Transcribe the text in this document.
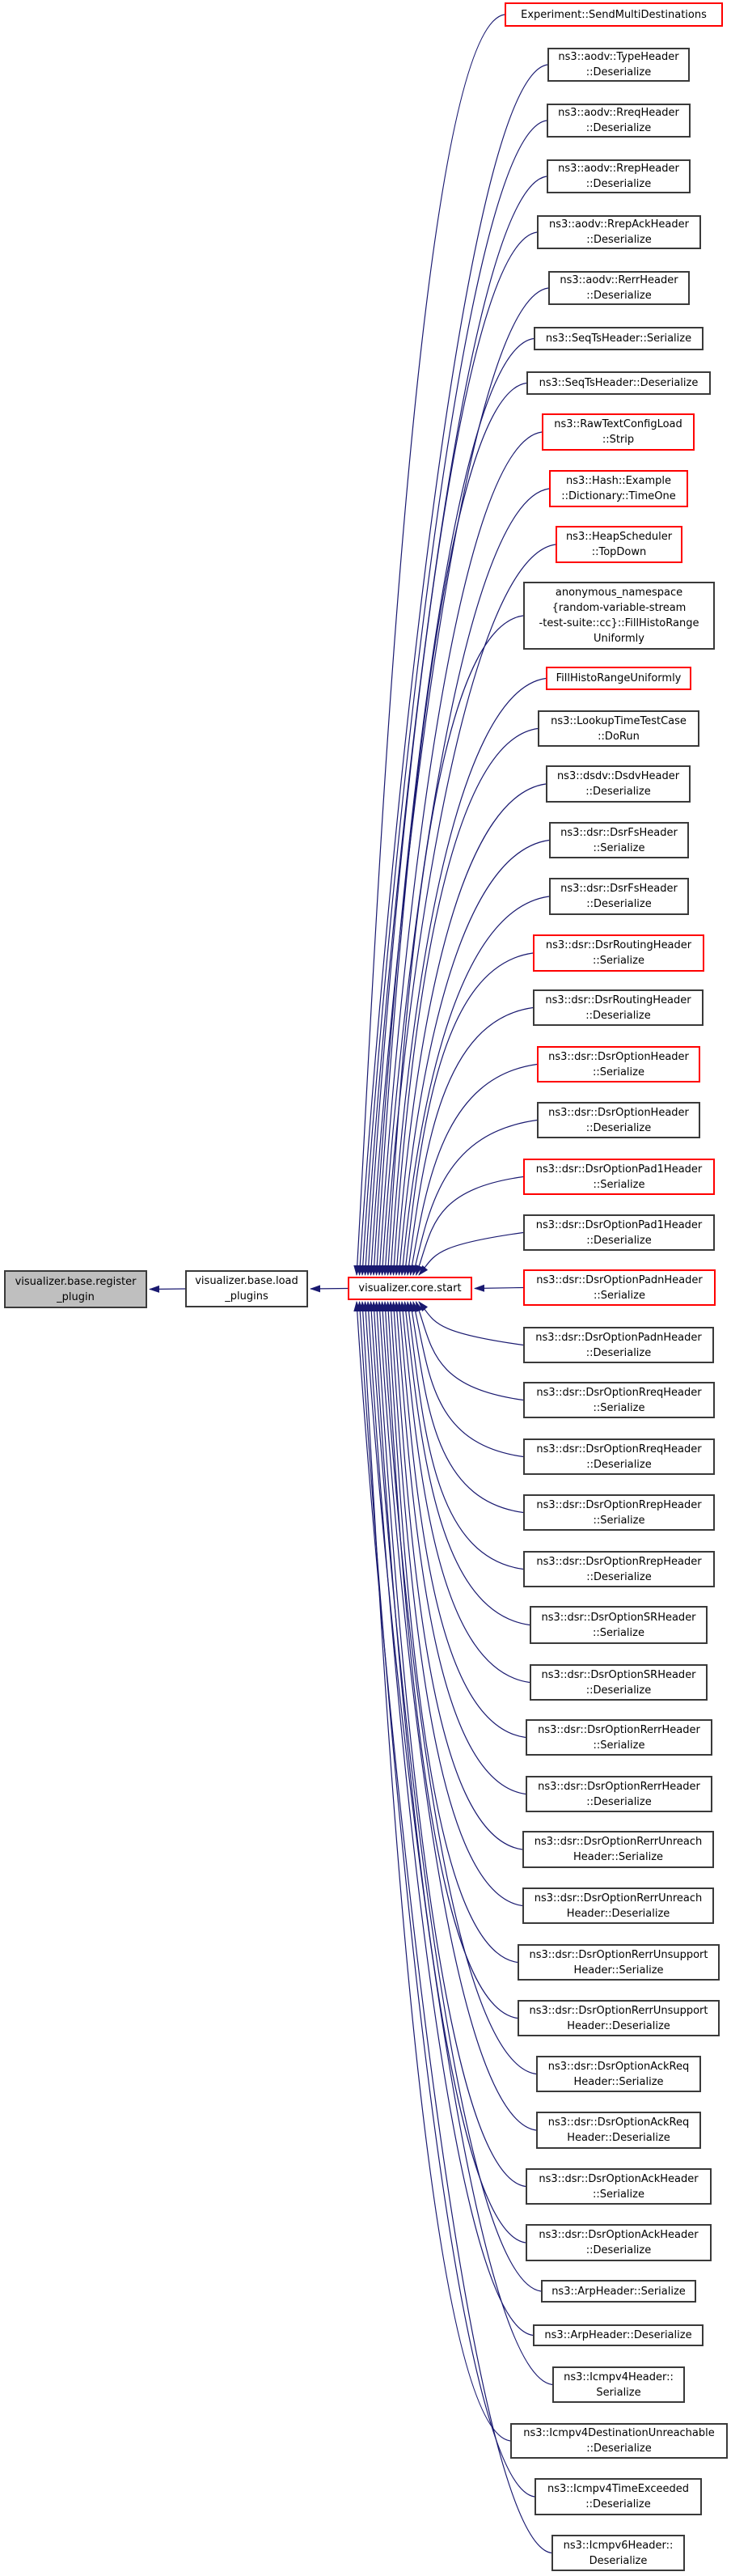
visualizer.base.register
_plugin
visualizer.base.load
_plugins
visualizer.core.start
Experiment::SendMultiDestinations
ns3::aodv::TypeHeader
::Deserialize
ns3::aodv::RreqHeader
::Deserialize
ns3::aodv::RrepHeader
::Deserialize
ns3::aodv::RrepAckHeader
::Deserialize
ns3::aodv::RerrHeader
::Deserialize
ns3::SeqTsHeader::Serialize
ns3::SeqTsHeader::Deserialize
ns3::RawTextConfigLoad
::Strip
ns3::Hash::Example
::Dictionary::TimeOne
ns3::HeapScheduler
::TopDown
anonymous_namespace
{random-variable-stream
-test-suite::cc}::FillHistoRange
Uniformly
FillHistoRangeUniformly
ns3::LookupTimeTestCase
::DoRun
ns3::dsdv::DsdvHeader
::Deserialize
ns3::dsr::DsrFsHeader
::Serialize
ns3::dsr::DsrFsHeader
::Deserialize
ns3::dsr::DsrRoutingHeader
::Serialize
ns3::dsr::DsrRoutingHeader
::Deserialize
ns3::dsr::DsrOptionHeader
::Serialize
ns3::dsr::DsrOptionHeader
::Deserialize
ns3::dsr::DsrOptionPad1Header
::Serialize
ns3::dsr::DsrOptionPad1Header
::Deserialize
ns3::dsr::DsrOptionPadnHeader
::Serialize
ns3::dsr::DsrOptionPadnHeader
::Deserialize
ns3::dsr::DsrOptionRreqHeader
::Serialize
ns3::dsr::DsrOptionRreqHeader
::Deserialize
ns3::dsr::DsrOptionRrepHeader
::Serialize
ns3::dsr::DsrOptionRrepHeader
::Deserialize
ns3::dsr::DsrOptionSRHeader
::Serialize
ns3::dsr::DsrOptionSRHeader
::Deserialize
ns3::dsr::DsrOptionRerrHeader
::Serialize
ns3::dsr::DsrOptionRerrHeader
::Deserialize
ns3::dsr::DsrOptionRerrUnreach
Header::Serialize
ns3::dsr::DsrOptionRerrUnreach
Header::Deserialize
ns3::dsr::DsrOptionRerrUnsupport
Header::Serialize
ns3::dsr::DsrOptionRerrUnsupport
Header::Deserialize
ns3::dsr::DsrOptionAckReq
Header::Serialize
ns3::dsr::DsrOptionAckReq
Header::Deserialize
ns3::dsr::DsrOptionAckHeader
::Serialize
ns3::dsr::DsrOptionAckHeader
::Deserialize
ns3::ArpHeader::Serialize
ns3::ArpHeader::Deserialize
ns3::Icmpv4Header::
Serialize
ns3::Icmpv4DestinationUnreachable
::Deserialize
ns3::Icmpv4TimeExceeded
::Deserialize
ns3::Icmpv6Header::
Deserialize
